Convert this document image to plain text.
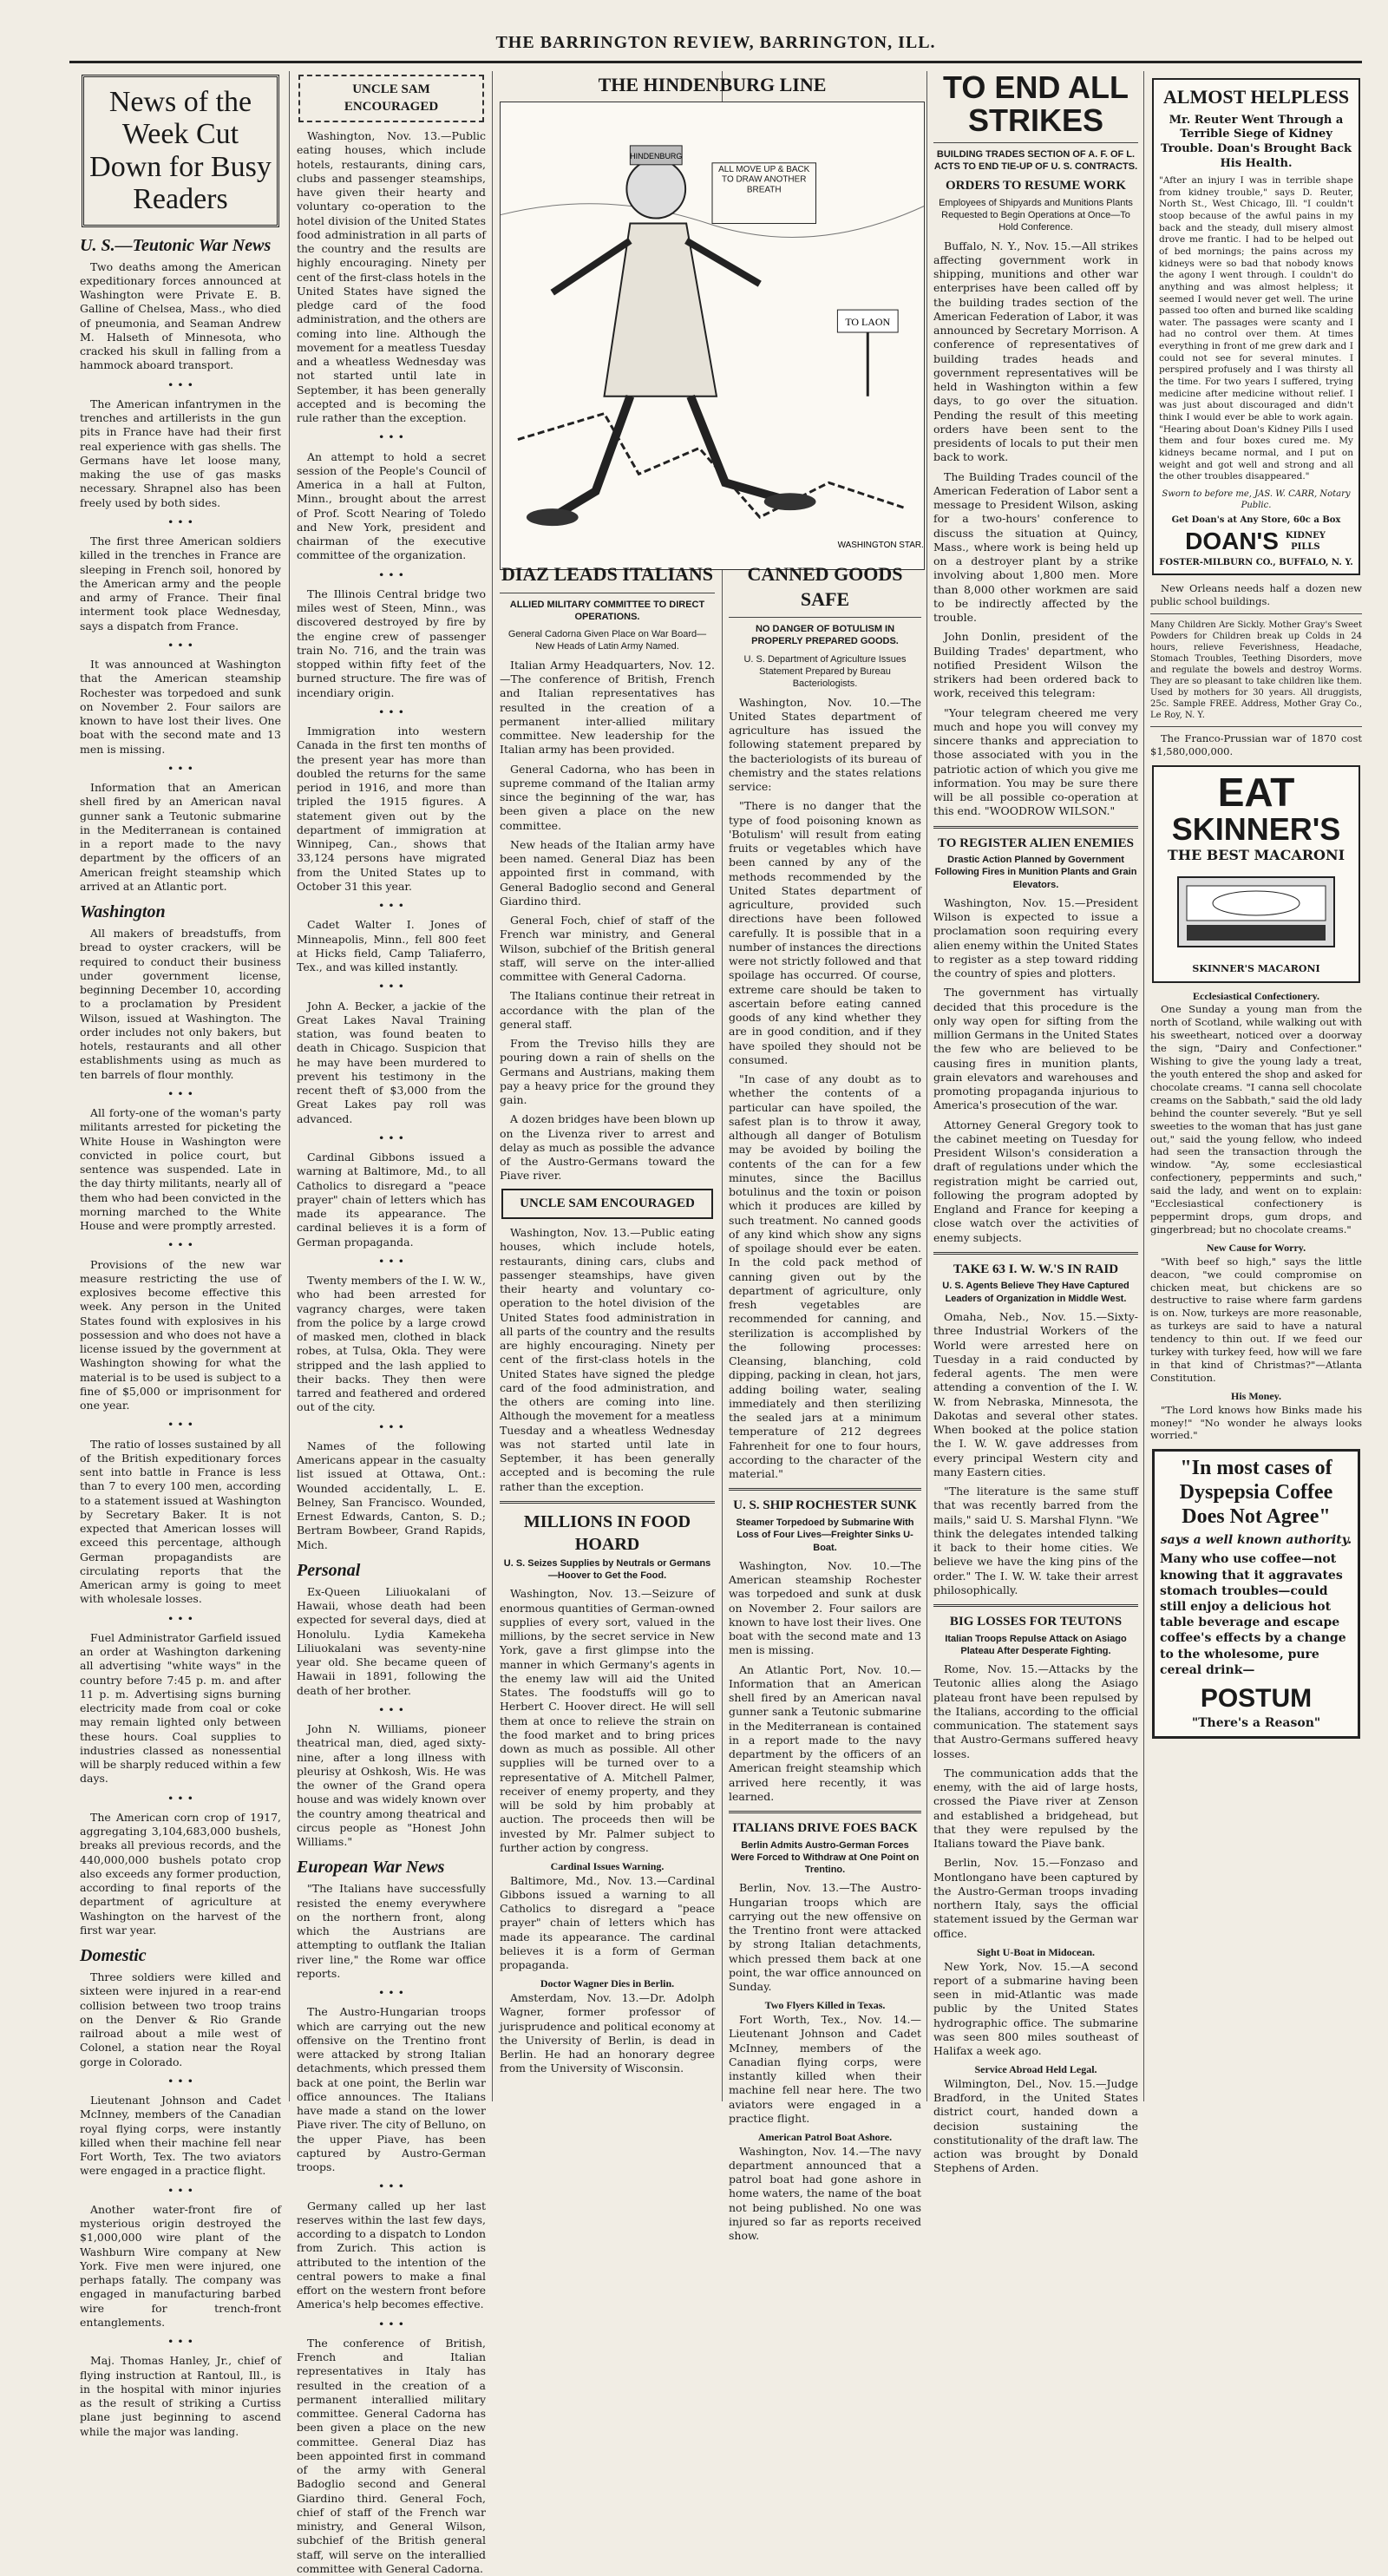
THE BARRINGTON REVIEW, BARRINGTON, ILL.
News of the Week Cut Down for Busy Readers
U. S.—Teutonic War News

Two deaths among the American expeditionary forces announced at Washington were Private E. B. Galline of Chelsea, Mass., who died of pneumonia, and Seaman Andrew M. Halseth of Minnesota, who cracked his skull in falling from a hammock aboard transport.

• • •

The American infantrymen in the trenches and artillerists in the gun pits in France have had their first real experience with gas shells. The Germans have let loose many, making the use of gas masks necessary. Shrapnel also has been freely used by both sides.

• • •

The first three American soldiers killed in the trenches in France are sleeping in French soil, honored by the American army and the people and army of France. Their final interment took place Wednesday, says a dispatch from France.

• • •

It was announced at Washington that the American steamship Rochester was torpedoed and sunk on November 2. Four sailors are known to have lost their lives. One boat with the second mate and 13 men is missing.

• • •

Information that an American shell fired by an American naval gunner sank a Teutonic submarine in the Mediterranean is contained in a report made to the navy department by the officers of an American freight steamship which arrived at an Atlantic port.

Washington

All makers of breadstuffs, from bread to oyster crackers, will be required to conduct their business under government license, beginning December 10, according to a proclamation by President Wilson, issued at Washington. The order includes not only bakers, but hotels, restaurants and all other establishments using as much as ten barrels of flour monthly.

• • •

All forty-one of the woman's party militants arrested for picketing the White House in Washington were convicted in police court, but sentence was suspended. Late in the day thirty militants, nearly all of them who had been convicted in the morning marched to the White House and were promptly arrested.

• • •

Provisions of the new war measure restricting the use of explosives become effective this week. Any person in the United States found with explosives in his possession and who does not have a license issued by the government at Washington showing for what the material is to be used is subject to a fine of $5,000 or imprisonment for one year.

• • •

The ratio of losses sustained by all of the British expeditionary forces sent into battle in France is less than 7 to every 100 men, according to a statement issued at Washington by Secretary Baker. It is not expected that American losses will exceed this percentage, although German propagandists are circulating reports that the American army is going to meet with wholesale losses.

• • •

Fuel Administrator Garfield issued an order at Washington darkening all advertising "white ways" in the country before 7:45 p. m. and after 11 p. m. Advertising signs burning electricity made from coal or coke may remain lighted only between these hours. Coal supplies to industries classed as nonessential will be sharply reduced within a few days.

• • •

The American corn crop of 1917, aggregating 3,104,683,000 bushels, breaks all previous records, and the 440,000,000 bushels potato crop also exceeds any former production, according to final reports of the department of agriculture at Washington on the harvest of the first war year.

Domestic

Three soldiers were killed and sixteen were injured in a rear-end collision between two troop trains on the Denver & Rio Grande railroad about a mile west of Colonel, a station near the Royal gorge in Colorado.

• • •

Lieutenant Johnson and Cadet McInney, members of the Canadian royal flying corps, were instantly killed when their machine fell near Fort Worth, Tex. The two aviators were engaged in a practice flight.

• • •

Another water-front fire of mysterious origin destroyed the $1,000,000 wire plant of the Washburn Wire company at New York. Five men were injured, one perhaps fatally. The company was engaged in manufacturing barbed wire for trench-front entanglements.

• • •

Maj. Thomas Hanley, Jr., chief of flying instruction at Rantoul, Ill., is in the hospital with minor injuries as the result of striking a Curtiss plane just beginning to ascend while the major was landing.

UNCLE SAM ENCOURAGED

Washington, Nov. 13.—Public eating houses, which include hotels, restaurants, dining cars, clubs and passenger steamships, have given their hearty and voluntary co-operation to the hotel division of the United States food administration in all parts of the country and the results are highly encouraging. Ninety per cent of the first-class hotels in the United States have signed the pledge card of the food administration, and the others are coming into line. Although the movement for a meatless Tuesday and a wheatless Wednesday was not started until late in September, it has been generally accepted and is becoming the rule rather than the exception.

• • •

An attempt to hold a secret session of the People's Council of America in a hall at Fulton, Minn., brought about the arrest of Prof. Scott Nearing of Toledo and New York, president and chairman of the executive committee of the organization.

• • •

The Illinois Central bridge two miles west of Steen, Minn., was discovered destroyed by fire by the engine crew of passenger train No. 716, and the train was stopped within fifty feet of the burned structure. The fire was of incendiary origin.

• • •

Immigration into western Canada in the first ten months of the present year has more than doubled the returns for the same period in 1916, and more than tripled the 1915 figures. A statement given out by the department of immigration at Winnipeg, Can., shows that 33,124 persons have migrated from the United States up to October 31 this year.

• • •

Cadet Walter I. Jones of Minneapolis, Minn., fell 800 feet at Hicks field, Camp Taliaferro, Tex., and was killed instantly.

• • •

John A. Becker, a jackie of the Great Lakes Naval Training station, was found beaten to death in Chicago. Suspicion that he may have been murdered to prevent his testimony in the recent theft of $3,000 from the Great Lakes pay roll was advanced.

• • •

Cardinal Gibbons issued a warning at Baltimore, Md., to all Catholics to disregard a "peace prayer" chain of letters which has made its appearance. The cardinal believes it is a form of German propaganda.

• • •

Twenty members of the I. W. W., who had been arrested for vagrancy charges, were taken from the police by a large crowd of masked men, clothed in black robes, at Tulsa, Okla. They were stripped and the lash applied to their backs. They then were tarred and feathered and ordered out of the city.

• • •

Names of the following Americans appear in the casualty list issued at Ottawa, Ont.: Wounded accidentally, L. E. Belney, San Francisco. Wounded, Ernest Edwards, Canton, S. D.; Bertram Bowbeer, Grand Rapids, Mich.

Personal

Ex-Queen Liliuokalani of Hawaii, whose death had been expected for several days, died at Honolulu. Lydia Kamekeha Liliuokalani was seventy-nine year old. She became queen of Hawaii in 1891, following the death of her brother.

• • •

John N. Williams, pioneer theatrical man, died, aged sixty-nine, after a long illness with pleurisy at Oshkosh, Wis. He was the owner of the Grand opera house and was widely known over the country among theatrical and circus people as "Honest John Williams."

European War News

"The Italians have successfully resisted the enemy everywhere on the northern front, along which the Austrians are attempting to outflank the Italian river line," the Rome war office reports.

• • •

The Austro-Hungarian troops which are carrying out the new offensive on the Trentino front were attacked by strong Italian detachments, which pressed them back at one point, the Berlin war office announces. The Italians have made a stand on the lower Piave river. The city of Belluno, on the upper Piave, has been captured by Austro-German troops.

• • •

Germany called up her last reserves within the last few days, according to a dispatch to London from Zurich. This action is attributed to the intention of the central powers to make a final effort on the western front before America's help becomes effective.

• • •

The conference of British, French and Italian representatives in Italy has resulted in the creation of a permanent interallied military committee. General Cadorna has been given a place on the new committee. General Diaz has been appointed first in command of the army with General Badoglio second and General Giardino third. General Foch, chief of staff of the French war ministry, and General Wilson, subchief of the British general staff, will serve on the interallied committee with General Cadorna.

THE HINDENBURG LINE
TO LAON
ALL MOVE UP & BACK TO DRAW ANOTHER BREATH
HINDENBURG
WASHINGTON STAR.
DIAZ LEADS ITALIANS
ALLIED MILITARY COMMITTEE TO DIRECT OPERATIONS.
General Cadorna Given Place on War Board—New Heads of Latin Army Named.

Italian Army Headquarters, Nov. 12.—The conference of British, French and Italian representatives has resulted in the creation of a permanent inter-allied military committee. New leadership for the Italian army has been provided.

General Cadorna, who has been in supreme command of the Italian army since the beginning of the war, has been given a place on the new committee.

New heads of the Italian army have been named. General Diaz has been appointed first in command, with General Badoglio second and General Giardino third.

General Foch, chief of staff of the French war ministry, and General Wilson, subchief of the British general staff, will serve on the inter-allied committee with General Cadorna.

The Italians continue their retreat in accordance with the plan of the general staff.

From the Treviso hills they are pouring down a rain of shells on the Germans and Austrians, making them pay a heavy price for the ground they gain.

A dozen bridges have been blown up on the Livenza river to arrest and delay as much as possible the advance of the Austro-Germans toward the Piave river.

UNCLE SAM ENCOURAGED

Washington, Nov. 13.—Public eating houses, which include hotels, restaurants, dining cars, clubs and passenger steamships, have given their hearty and voluntary co-operation to the hotel division of the United States food administration in all parts of the country and the results are highly encouraging. Ninety per cent of the first-class hotels in the United States have signed the pledge card of the food administration, and the others are coming into line. Although the movement for a meatless Tuesday and a wheatless Wednesday was not started until late in September, it has been generally accepted and is becoming the rule rather than the exception.

MILLIONS IN FOOD HOARD
U. S. Seizes Supplies by Neutrals or Germans—Hoover to Get the Food.

Washington, Nov. 13.—Seizure of enormous quantities of German-owned supplies of every sort, valued in the millions, by the secret service in New York, gave a first glimpse into the manner in which Germany's agents in the enemy law will aid the United States. The foodstuffs will go to Herbert C. Hoover direct. He will sell them at once to relieve the strain on the food market and to bring prices down as much as possible. All other supplies will be turned over to a representative of A. Mitchell Palmer, receiver of enemy property, and they will be sold by him probably at auction. The proceeds then will be invested by Mr. Palmer subject to further action by congress.

Cardinal Issues Warning.

Baltimore, Md., Nov. 13.—Cardinal Gibbons issued a warning to all Catholics to disregard a "peace prayer" chain of letters which has made its appearance. The cardinal believes it is a form of German propaganda.

Doctor Wagner Dies in Berlin.

Amsterdam, Nov. 13.—Dr. Adolph Wagner, former professor of jurisprudence and political economy at the University of Berlin, is dead in Berlin. He had an honorary degree from the University of Wisconsin.

CANNED GOODS SAFE
NO DANGER OF BOTULISM IN PROPERLY PREPARED GOODS.
U. S. Department of Agriculture Issues Statement Prepared by Bureau Bacteriologists.

Washington, Nov. 10.—The United States department of agriculture has issued the following statement prepared by the bacteriologists of its bureau of chemistry and the states relations service:

"There is no danger that the type of food poisoning known as 'Botulism' will result from eating fruits or vegetables which have been canned by any of the methods recommended by the United States department of agriculture, provided such directions have been followed carefully. It is possible that in a number of instances the directions were not strictly followed and that spoilage has occurred. Of course, extreme care should be taken to ascertain before eating canned goods of any kind whether they are in good condition, and if they have spoiled they should not be consumed.

"In case of any doubt as to whether the contents of a particular can have spoiled, the safest plan is to throw it away, although all danger of Botulism may be avoided by boiling the contents of the can for a few minutes, since the Bacillus botulinus and the toxin or poison which it produces are killed by such treatment. No canned goods of any kind which show any signs of spoilage should ever be eaten. In the cold pack method of canning given out by the department of agriculture, only fresh vegetables are recommended for canning, and sterilization is accomplished by the following processes: Cleansing, blanching, cold dipping, packing in clean, hot jars, adding boiling water, sealing immediately and then sterilizing the sealed jars at a minimum temperature of 212 degrees Fahrenheit for one to four hours, according to the character of the material."

U. S. SHIP ROCHESTER SUNK
Steamer Torpedoed by Submarine With Loss of Four Lives—Freighter Sinks U-Boat.

Washington, Nov. 10.—The American steamship Rochester was torpedoed and sunk at dusk on November 2. Four sailors are known to have lost their lives. One boat with the second mate and 13 men is missing.

An Atlantic Port, Nov. 10.—Information that an American shell fired by an American naval gunner sank a Teutonic submarine in the Mediterranean is contained in a report made to the navy department by the officers of an American freight steamship which arrived here recently, it was learned.

ITALIANS DRIVE FOES BACK
Berlin Admits Austro-German Forces Were Forced to Withdraw at One Point on Trentino.

Berlin, Nov. 13.—The Austro-Hungarian troops which are carrying out the new offensive on the Trentino front were attacked by strong Italian detachments, which pressed them back at one point, the war office announced on Sunday.

Two Flyers Killed in Texas.

Fort Worth, Tex., Nov. 14.—Lieutenant Johnson and Cadet McInney, members of the Canadian flying corps, were instantly killed when their machine fell near here. The two aviators were engaged in a practice flight.

American Patrol Boat Ashore.

Washington, Nov. 14.—The navy department announced that a patrol boat had gone ashore in home waters, the name of the boat not being published. No one was injured so far as reports received show.

TO END ALL STRIKES
BUILDING TRADES SECTION OF A. F. OF L. ACTS TO END TIE-UP OF U. S. CONTRACTS.
ORDERS TO RESUME WORK
Employees of Shipyards and Munitions Plants Requested to Begin Operations at Once—To Hold Conference.

Buffalo, N. Y., Nov. 15.—All strikes affecting government work in shipping, munitions and other war enterprises have been called off by the building trades section of the American Federation of Labor, it was announced by Secretary Morrison. A conference of representatives of building trades heads and government representatives will be held in Washington within a few days, to go over the situation. Pending the result of this meeting orders have been sent to the presidents of locals to put their men back to work.

The Building Trades council of the American Federation of Labor sent a message to President Wilson, asking for a two-hours' conference to discuss the situation at Quincy, Mass., where work is being held up on a destroyer plant by a strike involving about 1,800 men. More than 8,000 other workmen are said to be indirectly affected by the trouble.

John Donlin, president of the Building Trades' department, who notified President Wilson the strikers had been ordered back to work, received this telegram:

"Your telegram cheered me very much and hope you will convey my sincere thanks and appreciation to those associated with you in the patriotic action of which you give me information. You may be sure there will be all possible co-operation at this end. "WOODROW WILSON."

TO REGISTER ALIEN ENEMIES
Drastic Action Planned by Government Following Fires in Munition Plants and Grain Elevators.

Washington, Nov. 15.—President Wilson is expected to issue a proclamation soon requiring every alien enemy within the United States to register as a step toward ridding the country of spies and plotters.

The government has virtually decided that this procedure is the only way open for sifting from the million Germans in the United States the few who are believed to be causing fires in munition plants, grain elevators and warehouses and promoting propaganda injurious to America's prosecution of the war.

Attorney General Gregory took to the cabinet meeting on Tuesday for President Wilson's consideration a draft of regulations under which the registration might be carried out, following the program adopted by England and France for keeping a close watch over the activities of enemy subjects.

TAKE 63 I. W. W.'S IN RAID
U. S. Agents Believe They Have Captured Leaders of Organization in Middle West.

Omaha, Neb., Nov. 15.—Sixty-three Industrial Workers of the World were arrested here on Tuesday in a raid conducted by federal agents. The men were attending a convention of the I. W. W. from Nebraska, Minnesota, the Dakotas and several other states. When booked at the police station the I. W. W. gave addresses from every principal Western city and many Eastern cities.

"The literature is the same stuff that was recently barred from the mails," said U. S. Marshal Flynn. "We think the delegates intended talking it back to their home cities. We believe we have the king pins of the order." The I. W. W. take their arrest philosophically.

BIG LOSSES FOR TEUTONS
Italian Troops Repulse Attack on Asiago Plateau After Desperate Fighting.

Rome, Nov. 15.—Attacks by the Teutonic allies along the Asiago plateau front have been repulsed by the Italians, according to the official communication. The statement says that Austro-Germans suffered heavy losses.

The communication adds that the enemy, with the aid of large hosts, crossed the Piave river at Zenson and established a bridgehead, but that they were repulsed by the Italians toward the Piave bank.

Berlin, Nov. 15.—Fonzaso and Montlongano have been captured by the Austro-German troops invading northern Italy, says the official statement issued by the German war office.

Sight U-Boat in Midocean.

New York, Nov. 15.—A second report of a submarine having been seen in mid-Atlantic was made public by the United States hydrographic office. The submarine was seen 800 miles southeast of Halifax a week ago.

Service Abroad Held Legal.

Wilmington, Del., Nov. 15.—Judge Bradford, in the United States district court, handed down a decision sustaining the constitutionality of the draft law. The action was brought by Donald Stephens of Arden.

ALMOST HELPLESS
Mr. Reuter Went Through a Terrible Siege of Kidney Trouble. Doan's Brought Back His Health.

"After an injury I was in terrible shape from kidney trouble," says D. Reuter, North St., West Chicago, Ill. "I couldn't stoop because of the awful pains in my back and the steady, dull misery almost drove me frantic. I had to be helped out of bed mornings; the pains across my kidneys were so bad that nobody knows the agony I went through. I couldn't do anything and was almost helpless; it seemed I would never get well. The urine passed too often and burned like scalding water. The passages were scanty and I had no control over them. At times everything in front of me grew dark and I could not see for several minutes. I perspired profusely and I was thirsty all the time. For two years I suffered, trying medicine after medicine without relief. I was just about discouraged and didn't think I would ever be able to work again. "Hearing about Doan's Kidney Pills I used them and four boxes cured me. My kidneys became normal, and I put on weight and got well and strong and all the other troubles disappeared."

Sworn to before me, JAS. W. CARR, Notary Public.
Get Doan's at Any Store, 60c a Box
DOAN'S KIDNEY PILLS
FOSTER-MILBURN CO., BUFFALO, N. Y.

New Orleans needs half a dozen new public school buildings.

Many Children Are Sickly. Mother Gray's Sweet Powders for Children break up Colds in 24 hours, relieve Feverishness, Headache, Stomach Troubles, Teething Disorders, move and regulate the bowels and destroy Worms. They are so pleasant to take children like them. Used by mothers for 30 years. All druggists, 25c. Sample FREE. Address, Mother Gray Co., Le Roy, N. Y.

The Franco-Prussian war of 1870 cost $1,580,000,000.

EAT
SKINNER'S
THE BEST MACARONI
SKINNER'S MACARONI
Ecclesiastical Confectionery.

One Sunday a young man from the north of Scotland, while walking out with his sweetheart, noticed over a doorway the sign, "Dairy and Confectioner." Wishing to give the young lady a treat, the youth entered the shop and asked for chocolate creams. "I canna sell chocolate creams on the Sabbath," said the old lady behind the counter severely. "But ye sell sweeties to the woman that has just gane out," said the young fellow, who indeed had seen the transaction through the window. "Ay, some ecclesiastical confectionery, peppermints and such," said the lady, and went on to explain: "Ecclesiastical confectionery is peppermint drops, gum drops, and gingerbread; but no chocolate creams."

New Cause for Worry.

"With beef so high," says the little deacon, "we could compromise on chicken meat, but chickens are so destructive to raise where farm gardens is on. Now, turkeys are more reasonable, as turkeys are said to have a natural tendency to thin out. If we feed our turkey with turkey feed, how will we fare in that kind of Christmas?"—Atlanta Constitution.

His Money.

"The Lord knows how Binks made his money!" "No wonder he always looks worried."

"In most cases of Dyspepsia Coffee Does Not Agree"
says a well known authority.
Many who use coffee—not knowing that it aggravates stomach troubles—could still enjoy a delicious hot table beverage and escape coffee's effects by a change to the wholesome, pure cereal drink—
POSTUM
"There's a Reason"
